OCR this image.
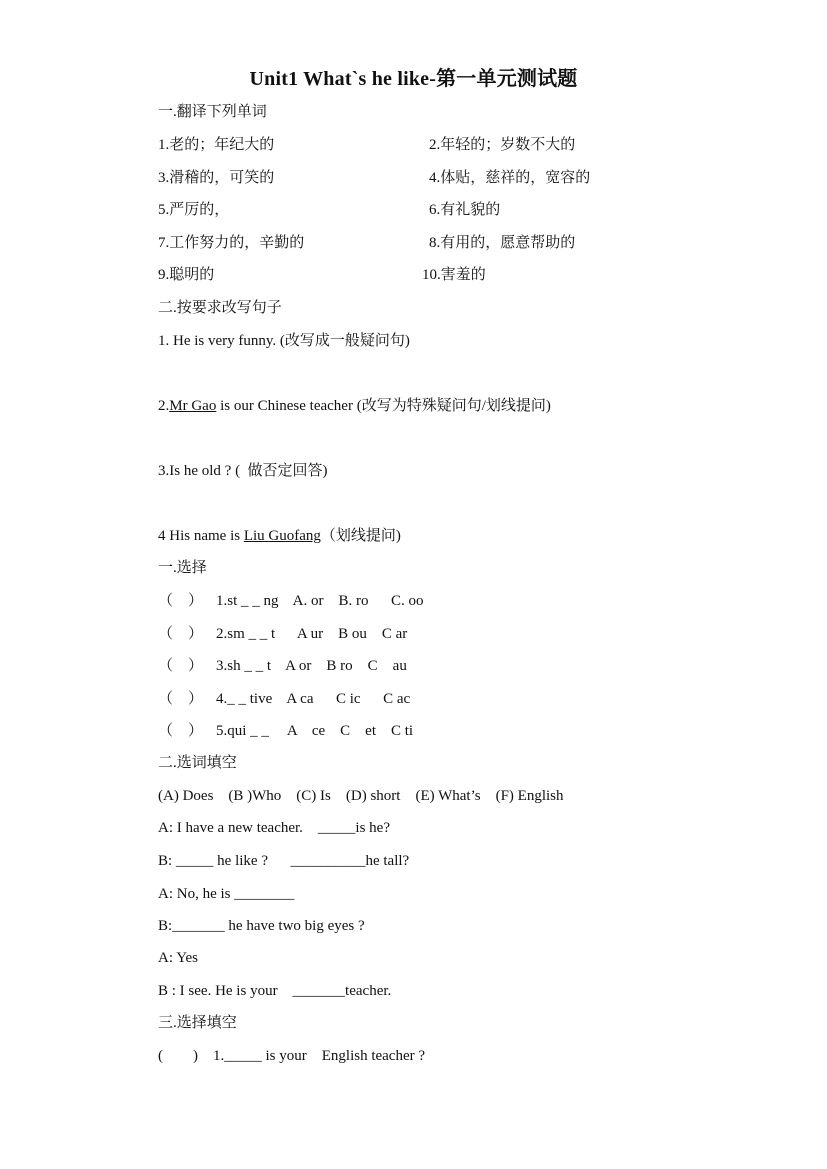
Unit1 What`s he like-第一单元测试题
一.翻译下列单词
1.老的；年纪大的	2.年轻的；岁数不大的
3.滑稽的，可笑的	4.体贴，慈祥的，宽容的
5.严厉的，	6.有礼貌的
7.工作努力的，辛勤的	8.有用的，愿意帮助的
9.聪明的	10.害羞的
二.按要求改写句子
1. He is very funny. (改写成一般疑问句)
2.Mr Gao is our Chinese teacher (改写为特殊疑问句/划线提问)
3.Is he old ? (  做否定回答)
4 His name is Liu Guofang（划线提问)
一.选择
（    ） 1.st _ _ ng    A. or    B. ro      C. oo
（    ） 2.sm _ _ t      A ur    B ou    C ar
（    ） 3.sh _ _ t    A or    B ro    C    au
（    ） 4._ _ tive    A ca      C ic      C ac
（    ） 5.qui _ _     A    ce    C    et    C ti
二.选词填空
(A) Does    (B )Who    (C) Is    (D) short    (E) What’s    (F) English
A: I have a new teacher.    _____is he?
B: _____ he like ?      __________he tall?
A: No, he is ________
B:_______ he have two big eyes ?
A: Yes
B : I see. He is your    _______teacher.
三.选择填空
(        )    1._____ is your    English teacher ?
